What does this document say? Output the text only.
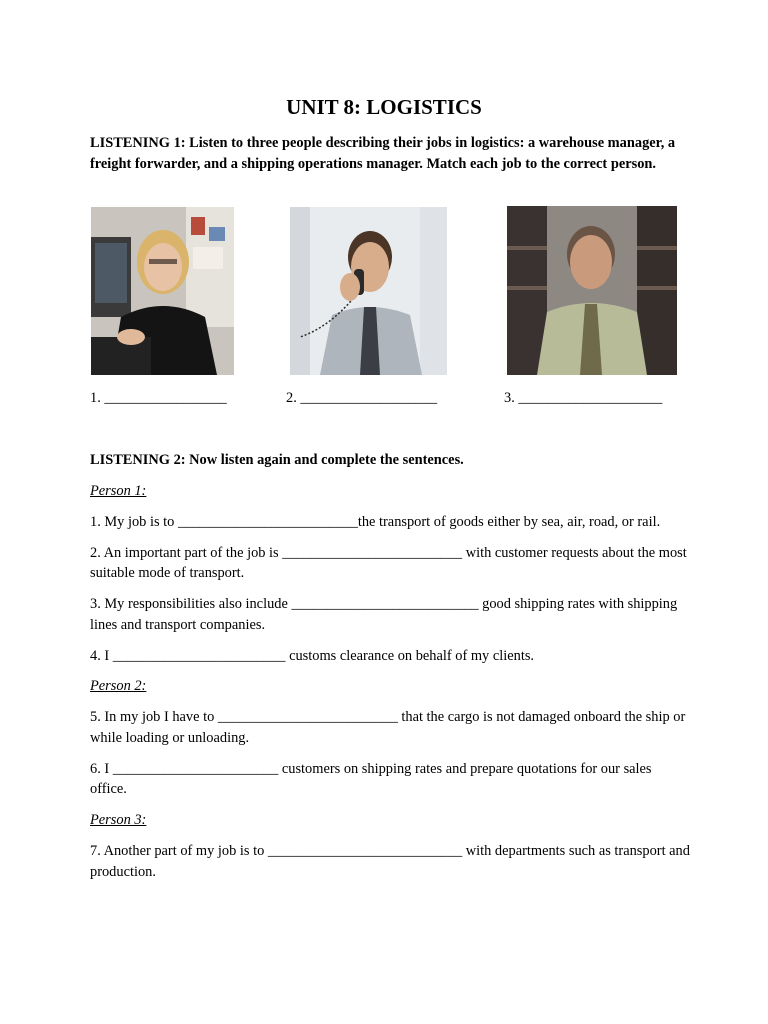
UNIT 8: LOGISTICS

LISTENING 1: Listen to three people describing their jobs in logistics: a warehouse manager, a freight forwarder, and a shipping operations manager. Match each job to the correct person.

1. _________________	2. ___________________	3. ____________________

LISTENING 2: Now listen again and complete the sentences.

Person 1:

1. My job is to _________________________the transport of goods either by sea, air, road, or rail.

2. An important part of the job is _________________________ with customer requests about the most suitable mode of transport.

3. My responsibilities also include __________________________ good shipping rates with shipping lines and transport companies.

4. I ________________________ customs clearance on behalf of my clients.

Person 2:

5. In my job I have to _________________________ that the cargo is not damaged onboard the ship or while loading or unloading.

6. I _______________________ customers on shipping rates and prepare quotations for our sales office.

Person 3:

7. Another part of my job is to ___________________________ with departments such as transport and production.
